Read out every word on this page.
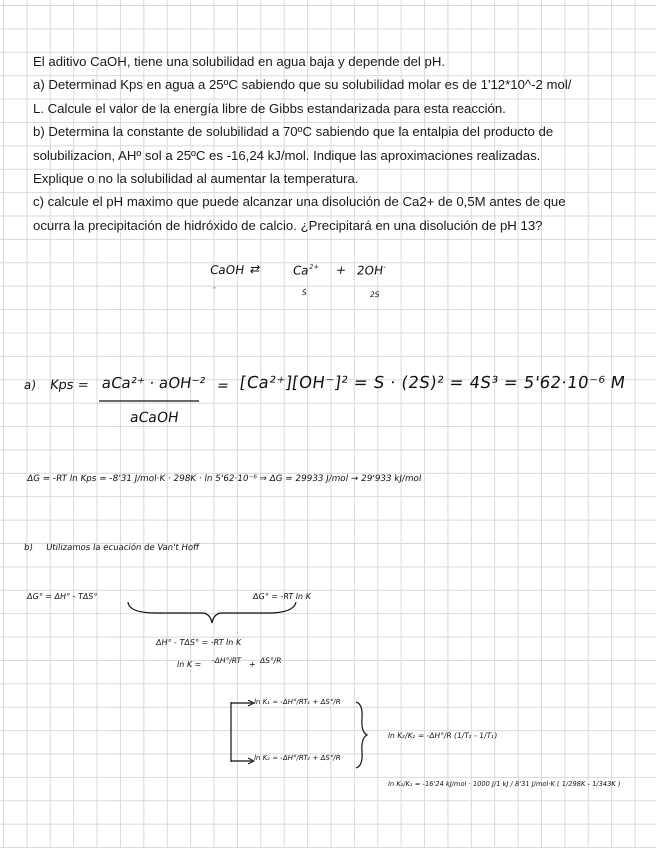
El aditivo CaOH, tiene una solubilidad en agua baja y depende del pH.

a) Determinad Kps en agua a 25ºC sabiendo que su solubilidad molar es de 1'12*10^-2 mol/

L. Calcule el valor de la energía libre de Gibbs estandarizada para esta reacción.

b) Determina la constante de solubilidad a 70ºC sabiendo que la entalpia del producto de

solubilizacion, AHº sol a 25ºC es -16,24 kJ/mol. Indique las aproximaciones realizadas.

Explique o no la solubilidad al aumentar la temperatura.

c) calcule el pH maximo que puede alcanzar una disolución de Ca2+ de 0,5M antes de que

ocurra la precipitación de hidróxido de calcio. ¿Precipitará en una disolución de pH 13?

CaOH ⇄	$Ca^{2+} + 2OH^-$
-
S	2S
a) Kps = aCa²⁺ · aOH⁻²
aCaOH
= [Ca²⁺][OH⁻]² = S · (2S)² = 4S³ = 5'62·10⁻⁶ M
ΔG = -RT ln Kps = -8'31 J/mol·K · 298K · ln 5'62·10⁻⁶ ⇒ ΔG = 29933 J/mol → 29'933 kJ/mol
b) Utilizamos la ecuación de Van't Hoff
ΔG° = ΔH° - TΔS°	ΔG° = -RT ln K
ΔH° - TΔS° = -RT ln K
ln K = -ΔH°/RT + ΔS°/R
ln K₁ = -ΔH°/RT₁ + ΔS°/R
ln K₂ = -ΔH°/RT₂ + ΔS°/R
ln K₂/K₁ = -ΔH°/R (1/T₂ - 1/T₁)
ln K₂/K₁ = -16'24 kJ/mol · 1000 J/1 kJ / 8'31 J/mol·K ( 1/298K - 1/343K )
